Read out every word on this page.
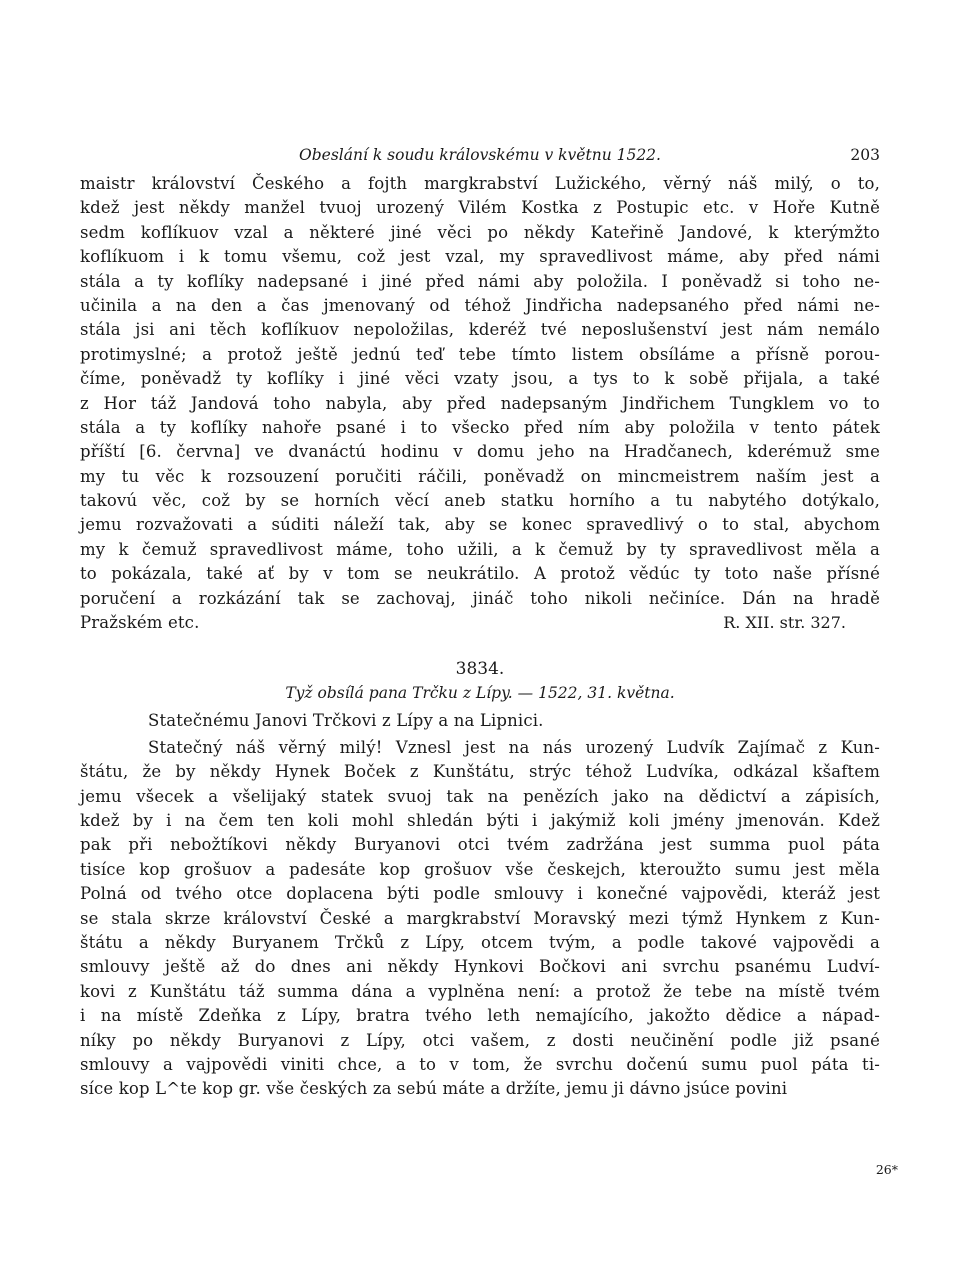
Obeslání k soudu královskému v květnu 1522.	203
maistr království Českého a fojth margkrabství Lužického, věrný náš milý, o to,
kdež jest někdy manžel tvuoj urozený Vilém Kostka z Postupic etc. v Hoře Kutně
sedm koflíkuov vzal a některé jiné věci po někdy Kateřině Jandové, k kterýmžto
koflíkuom i k tomu všemu, což jest vzal, my spravedlivost máme, aby před námi
stála a ty koflíky nadepsané i jiné před námi aby položila. I poněvadž si toho ne-
učinila a na den a čas jmenovaný od téhož Jindřicha nadepsaného před námi ne-
stála jsi ani těch koflíkuov nepoložilas, kderéž tvé neposlušenství jest nám nemálo
protimyslné; a protož ještě jednú teď tebe tímto listem obsíláme a přísně porou-
číme, poněvadž ty koflíky i jiné věci vzaty jsou, a tys to k sobě přijala, a také
z Hor táž Jandová toho nabyla, aby před nadepsaným Jindřichem Tungklem vo to
stála a ty koflíky nahoře psané i to všecko před ním aby položila v tento pátek
příští [6. června] ve dvanáctú hodinu v domu jeho na Hradčanech, kderémuž sme
my tu věc k rozsouzení poručiti ráčili, poněvadž on mincmeistrem naším jest a
takovú věc, což by se horních věcí aneb statku horního a tu nabytého dotýkalo,
jemu rozvažovati a súditi náleží tak, aby se konec spravedlivý o to stal, abychom
my k čemuž spravedlivost máme, toho užili, a k čemuž by ty spravedlivost měla a
to pokázala, také ať by v tom se neukrátilo. A protož vědúc ty toto naše přísné
poručení a rozkázání tak se zachovaj, jináč toho nikoli nečiníce. Dán na hradě
Pražském etc.	R. XII. str. 327.
3834.
Tyž obsílá pana Trčku z Lípy. — 1522, 31. května.
Statečnému Janovi Trčkovi z Lípy a na Lipnici.
Statečný náš věrný milý! Vznesl jest na nás urozený Ludvík Zajímač z Kun-
štátu, že by někdy Hynek Boček z Kunštátu, strýc téhož Ludvíka, odkázal kšaftem
jemu všecek a všelijaký statek svuoj tak na penězích jako na dědictví a zápisích,
kdež by i na čem ten koli mohl shledán býti i jakýmiž koli jmény jmenován. Kdež
pak při nebožtíkovi někdy Buryanovi otci tvém zadržána jest summa puol páta
tisíce kop grošuov a padesáte kop grošuov vše českejch, kteroužto sumu jest měla
Polná od tvého otce doplacena býti podle smlouvy i konečné vajpovědi, kteráž jest
se stala skrze království České a margkrabství Moravský mezi týmž Hynkem z Kun-
štátu a někdy Buryanem Trčků z Lípy, otcem tvým, a podle takové vajpovědi a
smlouvy ještě až do dnes ani někdy Hynkovi Bočkovi ani svrchu psanému Ludví-
kovi z Kunštátu táž summa dána a vyplněna není: a protož že tebe na místě tvém
i na místě Zdeňka z Lípy, bratra tvého leth nemajícího, jakožto dědice a nápad-
níky po někdy Buryanovi z Lípy, otci vašem, z dosti neučinění podle již psané
smlouvy a vajpovědi viniti chce, a to v tom, že svrchu dočenú sumu puol páta ti-
síce kop L^te kop gr. vše českých za sebú máte a držíte, jemu ji dávno jsúce povini
26*
